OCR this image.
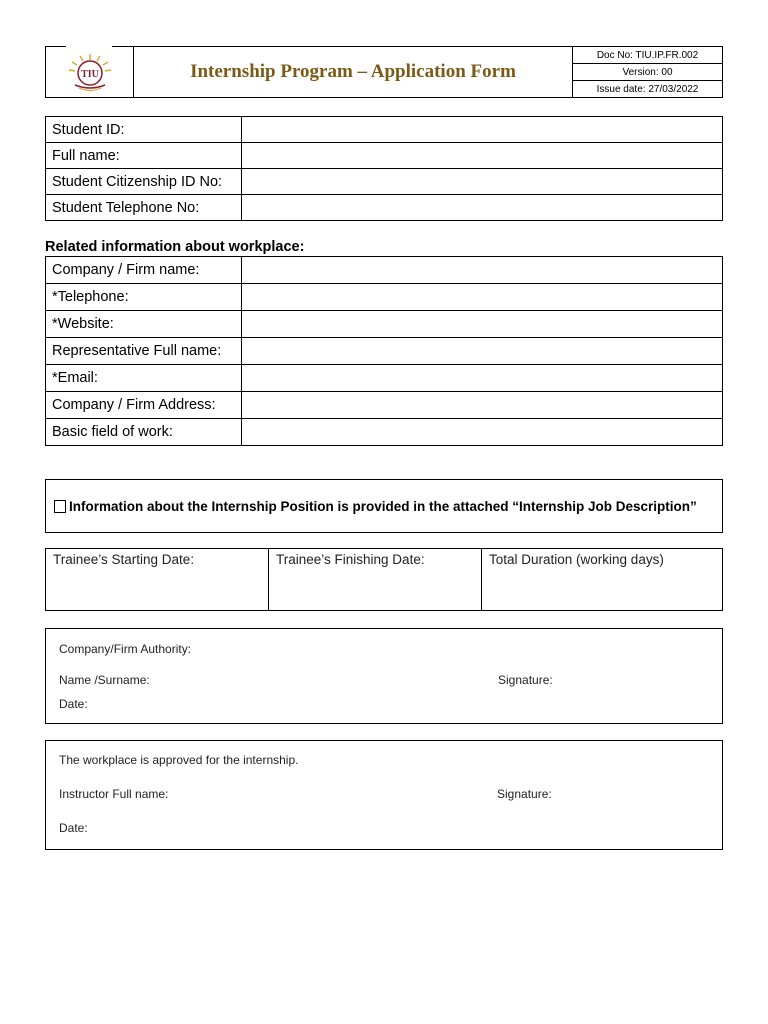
TIU	Internship Program – Application Form
Doc No: TIU.IP.FR.002
Version: 00
Issue date: 27/03/2022
Student ID:	
Full name:	
Student Citizenship ID No:	
Student Telephone No:	
Related information about workplace:
Company / Firm name:	
*Telephone:	
*Website:	
Representative Full name:	
*Email:	
Company / Firm Address:	
Basic field of work:	
Information about the Internship Position is provided in the attached “Internship Job Description”
Trainee’s Starting Date:	Trainee’s Finishing Date:	Total Duration (working days)
Company/Firm Authority:
Name /Surname:	Signature:
Date:
The workplace is approved for the internship.
Instructor Full name:	Signature:
Date:
